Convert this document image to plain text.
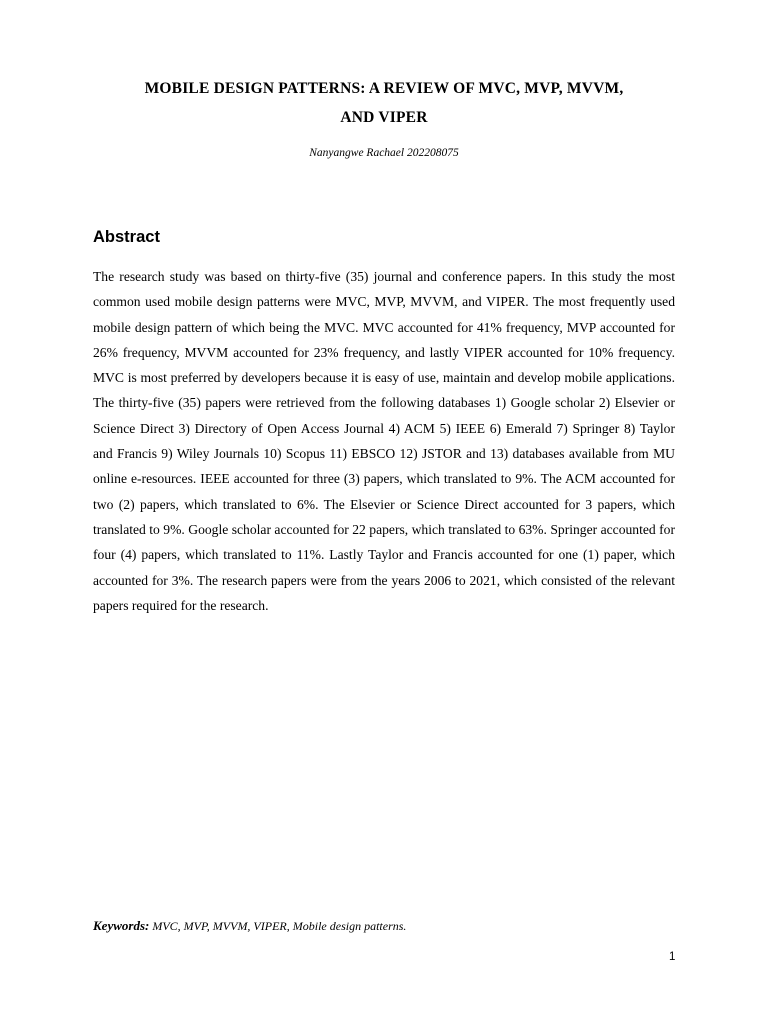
MOBILE DESIGN PATTERNS: A REVIEW OF MVC, MVP, MVVM,
AND VIPER

Nanyangwe Rachael 202208075

Abstract

The research study was based on thirty-five (35) journal and conference papers. In this study the most common used mobile design patterns were MVC, MVP, MVVM, and VIPER. The most frequently used mobile design pattern of which being the MVC. MVC accounted for 41% frequency, MVP accounted for 26% frequency, MVVM accounted for 23% frequency, and lastly VIPER accounted for 10% frequency. MVC is most preferred by developers because it is easy of use, maintain and develop mobile applications. The thirty-five (35) papers were retrieved from the following databases 1) Google scholar 2) Elsevier or Science Direct 3) Directory of Open Access Journal 4) ACM 5) IEEE 6) Emerald 7) Springer 8) Taylor and Francis 9) Wiley Journals 10) Scopus 11) EBSCO 12) JSTOR and 13) databases available from MU online e-resources. IEEE accounted for three (3) papers, which translated to 9%. The ACM accounted for two (2) papers, which translated to 6%. The Elsevier or Science Direct accounted for 3 papers, which translated to 9%. Google scholar accounted for 22 papers, which translated to 63%. Springer accounted for four (4) papers, which translated to 11%. Lastly Taylor and Francis accounted for one (1) paper, which accounted for 3%. The research papers were from the years 2006 to 2021, which consisted of the relevant papers required for the research.

Keywords: MVC, MVP, MVVM, VIPER, Mobile design patterns.

1
